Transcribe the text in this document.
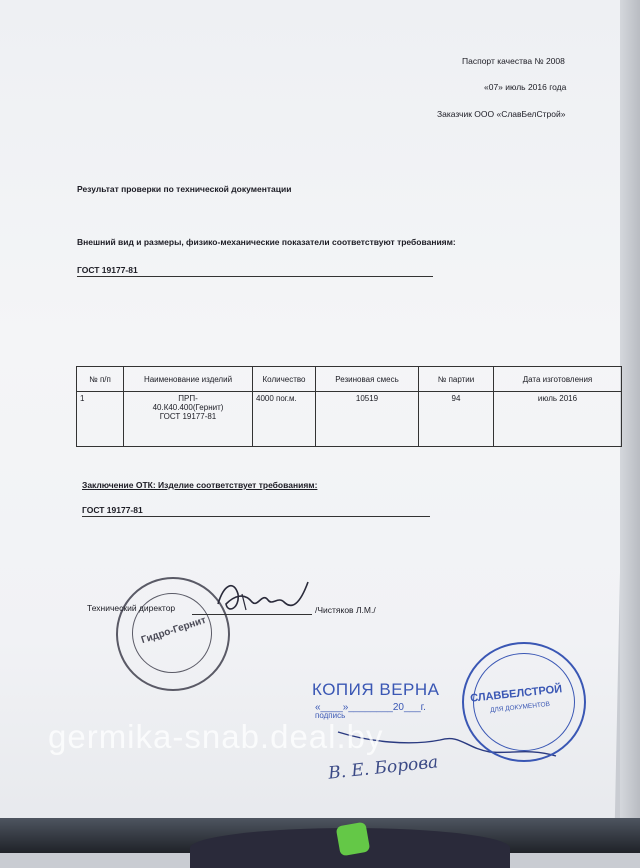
Паспорт качества № 2008
«07» июль 2016 года
Заказчик ООО «СлавБелСтрой»
Результат проверки по технической документации
Внешний вид и размеры, физико-механические показатели соответствуют требованиям:
ГОСТ 19177-81
№ п/п	Наименование изделий	Количество	Резиновая смесь	№ партии	Дата изготовления
1	ПРП-
40.К40.400(Гернит)
ГОСТ 19177-81	4000 пог.м.	10519	94	июль 2016
Заключение ОТК: Изделие соответствует требованиям:
ГОСТ 19177-81
Гидро-Гернит
Технический директор	/Чистяков Л.М./
КОПИЯ ВЕРНА
«____»________20___г.
подпись
В. Е. Борова
СЛАВБЕЛСТРОЙ
ДЛЯ ДОКУМЕНТОВ
germika-snab.deal.by
